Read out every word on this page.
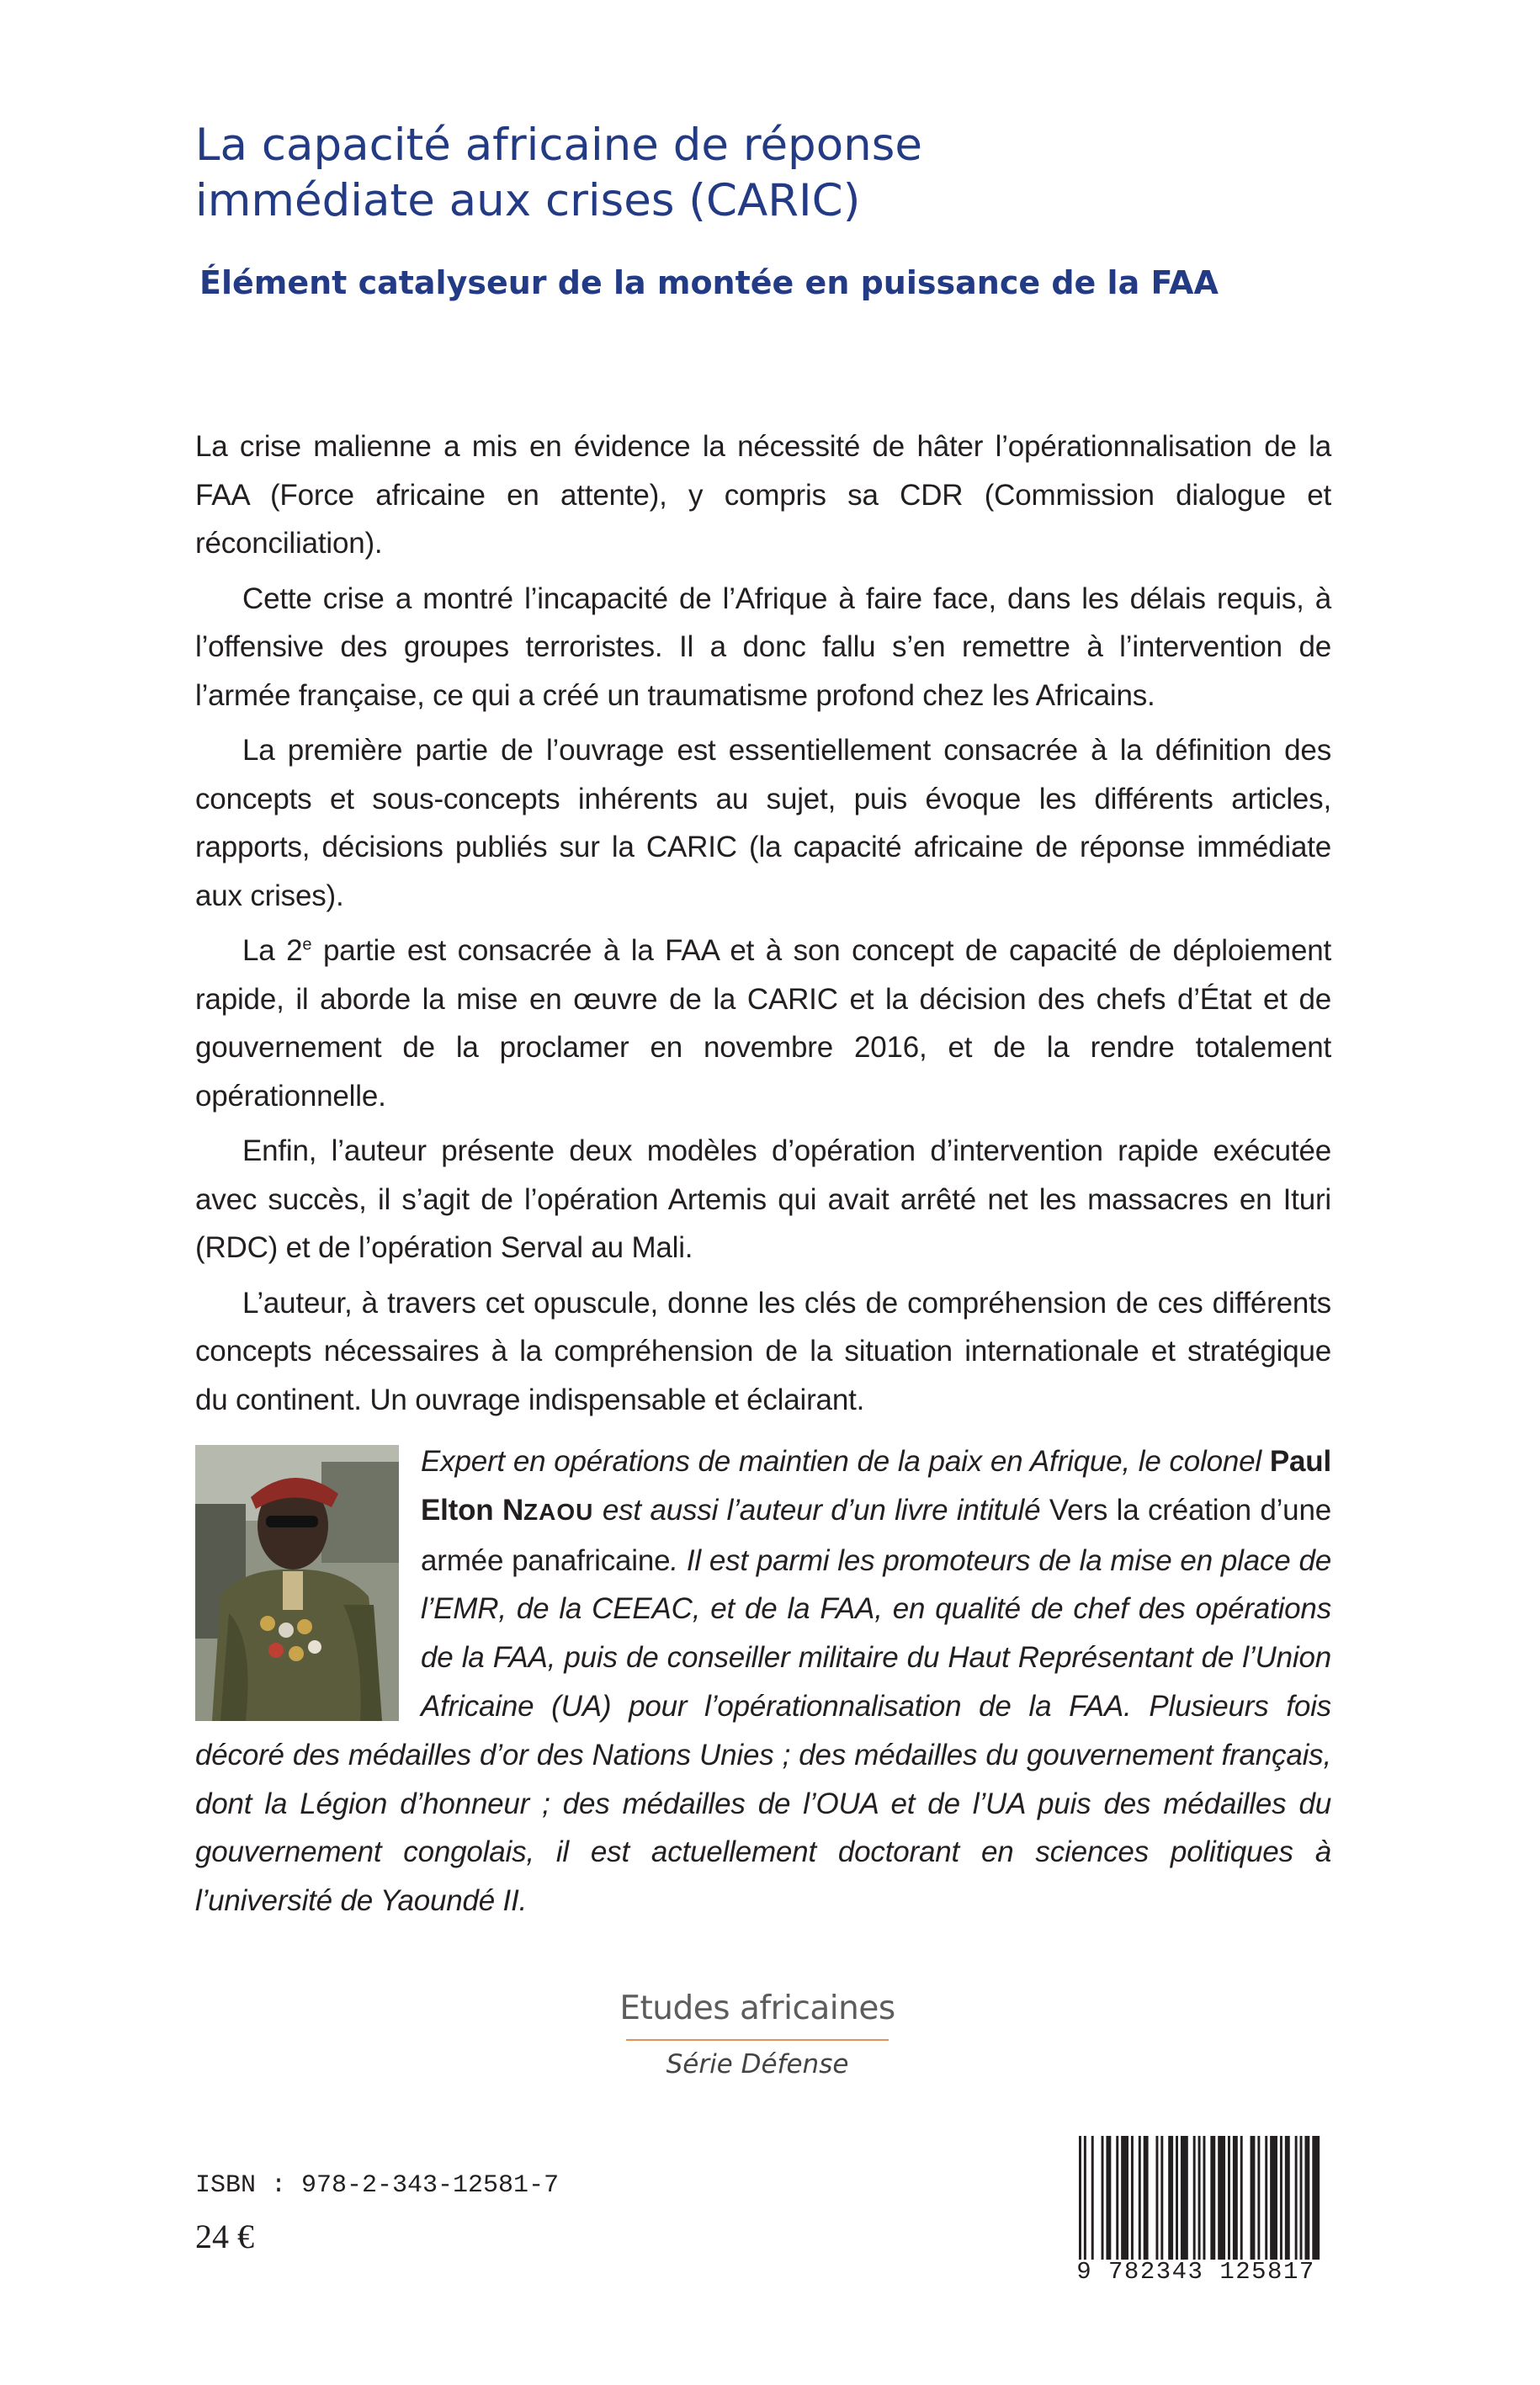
La capacité africaine de réponse
immédiate aux crises (CARIC)
Élément catalyseur de la montée en puissance de la FAA

La crise malienne a mis en évidence la nécessité de hâter l’opérationnalisation de la FAA (Force africaine en attente), y compris sa CDR (Commission dialogue et réconciliation).

Cette crise a montré l’incapacité de l’Afrique à faire face, dans les délais requis, à l’offensive des groupes terroristes. Il a donc fallu s’en remettre à l’intervention de l’armée française, ce qui a créé un traumatisme profond chez les Africains.

La première partie de l’ouvrage est essentiellement consacrée à la définition des concepts et sous-concepts inhérents au sujet, puis évoque les différents articles, rapports, décisions publiés sur la CARIC (la capacité africaine de réponse immédiate aux crises).

La 2e partie est consacrée à la FAA et à son concept de capacité de déploiement rapide, il aborde la mise en œuvre de la CARIC et la décision des chefs d’État et de gouvernement de la proclamer en novembre 2016, et de la rendre totalement opérationnelle.

Enfin, l’auteur présente deux modèles d’opération d’intervention rapide exécutée avec succès, il s’agit de l’opération Artemis qui avait arrêté net les massacres en Ituri (RDC) et de l’opération Serval au Mali.

L’auteur, à travers cet opuscule, donne les clés de compréhension de ces différents concepts nécessaires à la compréhension de la situation internationale et stratégique du continent. Un ouvrage indispensable et éclairant.

Expert en opérations de maintien de la paix en Afrique, le colonel Paul Elton NZAOU est aussi l’auteur d’un livre intitulé Vers la création d’une armée panafricaine. Il est parmi les promoteurs de la mise en place de l’EMR, de la CEEAC, et de la FAA, en qualité de chef des opérations de la FAA, puis de conseiller militaire du Haut Représentant de l’Union Africaine (UA) pour l’opérationnalisation de la FAA. Plusieurs fois décoré des médailles d’or des Nations Unies ; des médailles du gouvernement français, dont la Légion d’honneur ; des médailles de l’OUA et de l’UA puis des médailles du gouvernement congolais, il est actuellement doctorant en sciences politiques à l’université de Yaoundé II.
Etudes africaines
Série Défense
ISBN : 978-2-343-12581-7
24 €
9 782343 125817
